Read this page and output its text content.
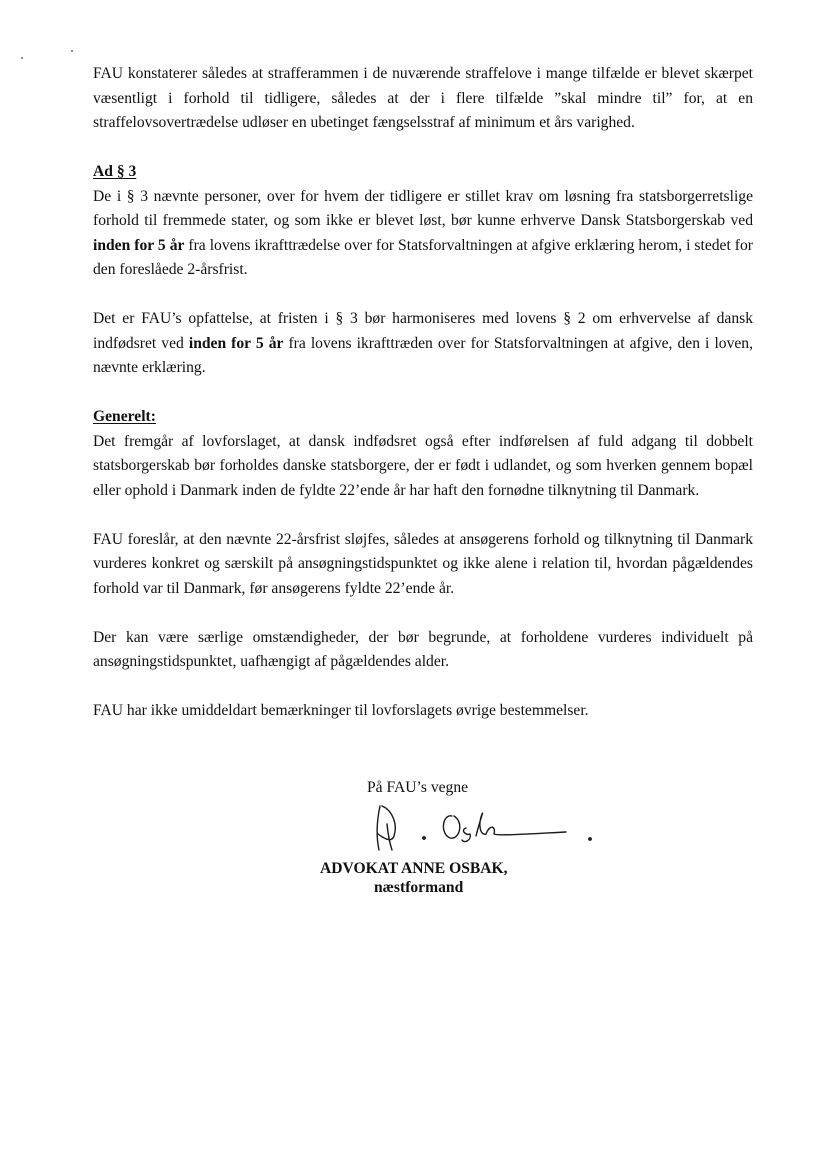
FAU konstaterer således at strafferammen i de nuværende straffelove i mange tilfælde er blevet skærpet væsentligt i forhold til tidligere, således at der i flere tilfælde ”skal mindre til” for, at en straffelovsovertrædelse udløser en ubetinget fængselsstraf af minimum et års varighed.

Ad § 3

De i § 3 nævnte personer, over for hvem der tidligere er stillet krav om løsning fra statsborgerretslige forhold til fremmede stater, og som ikke er blevet løst, bør kunne erhverve Dansk Statsborgerskab ved inden for 5 år fra lovens ikrafttrædelse over for Statsforvaltningen at afgive erklæring herom, i stedet for den foreslåede 2-årsfrist.

Det er FAU’s opfattelse, at fristen i § 3 bør harmoniseres med lovens § 2 om erhvervelse af dansk indfødsret ved inden for 5 år fra lovens ikrafttræden over for Statsforvaltningen at afgive, den i loven, nævnte erklæring.

Generelt:

Det fremgår af lovforslaget, at dansk indfødsret også efter indførelsen af fuld adgang til dobbelt statsborgerskab bør forholdes danske statsborgere, der er født i udlandet, og som hverken gennem bopæl eller ophold i Danmark inden de fyldte 22’ende år har haft den fornødne tilknytning til Danmark.

FAU foreslår, at den nævnte 22-årsfrist sløjfes, således at ansøgerens forhold og tilknytning til Danmark vurderes konkret og særskilt på ansøgningstidspunktet og ikke alene i relation til, hvordan pågældendes forhold var til Danmark, før ansøgerens fyldte 22’ende år.

Der kan være særlige omstændigheder, der bør begrunde, at forholdene vurderes individuelt på ansøgningstidspunktet, uafhængigt af pågældendes alder.

FAU har ikke umiddeldart bemærkninger til lovforslagets øvrige bestemmelser.

På FAU’s vegne
ADVOKAT ANNE OSBAK,
næstformand
